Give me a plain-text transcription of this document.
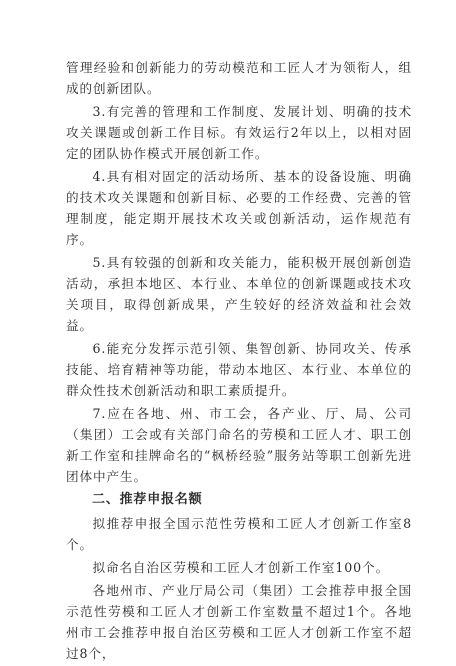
管理经验和创新能力的劳动模范和工匠人才为领衔人，组成的创新团队。

3.有完善的管理和工作制度、发展计划、明确的技术攻关课题或创新工作目标。有效运行2年以上，以相对固定的团队协作模式开展创新工作。

4.具有相对固定的活动场所、基本的设备设施、明确的技术攻关课题和创新目标、必要的工作经费、完善的管理制度，能定期开展技术攻关或创新活动，运作规范有序。

5.具有较强的创新和攻关能力，能积极开展创新创造活动，承担本地区、本行业、本单位的创新课题或技术攻关项目，取得创新成果，产生较好的经济效益和社会效益。

6.能充分发挥示范引领、集智创新、协同攻关、传承技能、培育精神等功能，带动本地区、本行业、本单位的群众性技术创新活动和职工素质提升。

7.应在各地、州、市工会，各产业、厅、局、公司（集团）工会或有关部门命名的劳模和工匠人才、职工创新工作室和挂牌命名的“枫桥经验”服务站等职工创新先进团体中产生。

二、推荐申报名额

拟推荐申报全国示范性劳模和工匠人才创新工作室8个。

拟命名自治区劳模和工匠人才创新工作室100个。

各地州市、产业厅局公司（集团）工会推荐申报全国示范性劳模和工匠人才创新工作室数量不超过1个。各地州市工会推荐申报自治区劳模和工匠人才创新工作室不超过8个，
